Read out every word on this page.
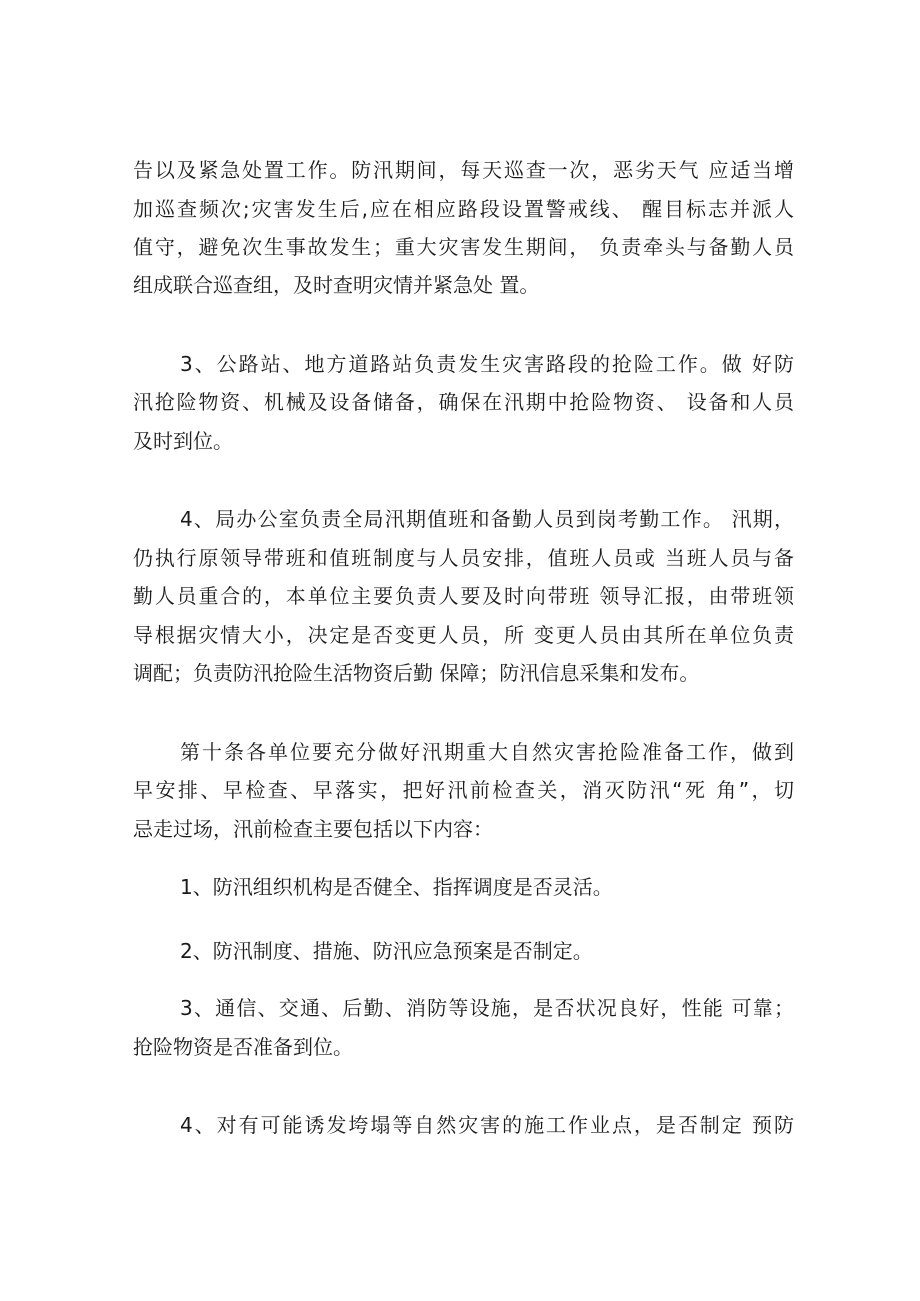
告以及紧急处置工作。防汛期间，每天巡查一次，恶劣天气 应适当增
加巡查频次;灾害发生后,应在相应路段设置警戒线、 醒目标志并派人
值守，避免次生事故发生；重大灾害发生期间， 负责牵头与备勤人员
组成联合巡查组，及时查明灾情并紧急处 置。
3、公路站、地方道路站负责发生灾害路段的抢险工作。做 好防
汛抢险物资、机械及设备储备，确保在汛期中抢险物资、 设备和人员
及时到位。
4、局办公室负责全局汛期值班和备勤人员到岗考勤工作。 汛期，
仍执行原领导带班和值班制度与人员安排，值班人员或 当班人员与备
勤人员重合的，本单位主要负责人要及时向带班 领导汇报，由带班领
导根据灾情大小，决定是否变更人员，所 变更人员由其所在单位负责
调配；负责防汛抢险生活物资后勤 保障；防汛信息采集和发布。
第十条各单位要充分做好汛期重大自然灾害抢险准备工作，做到
早安排、早检查、早落实，把好汛前检查关，消灭防汛“死 角”，切
忌走过场，汛前检查主要包括以下内容：
1、防汛组织机构是否健全、指挥调度是否灵活。
2、防汛制度、措施、防汛应急预案是否制定。
3、通信、交通、后勤、消防等设施，是否状况良好，性能 可靠；
抢险物资是否准备到位。
4、对有可能诱发垮塌等自然灾害的施工作业点，是否制定 预防
